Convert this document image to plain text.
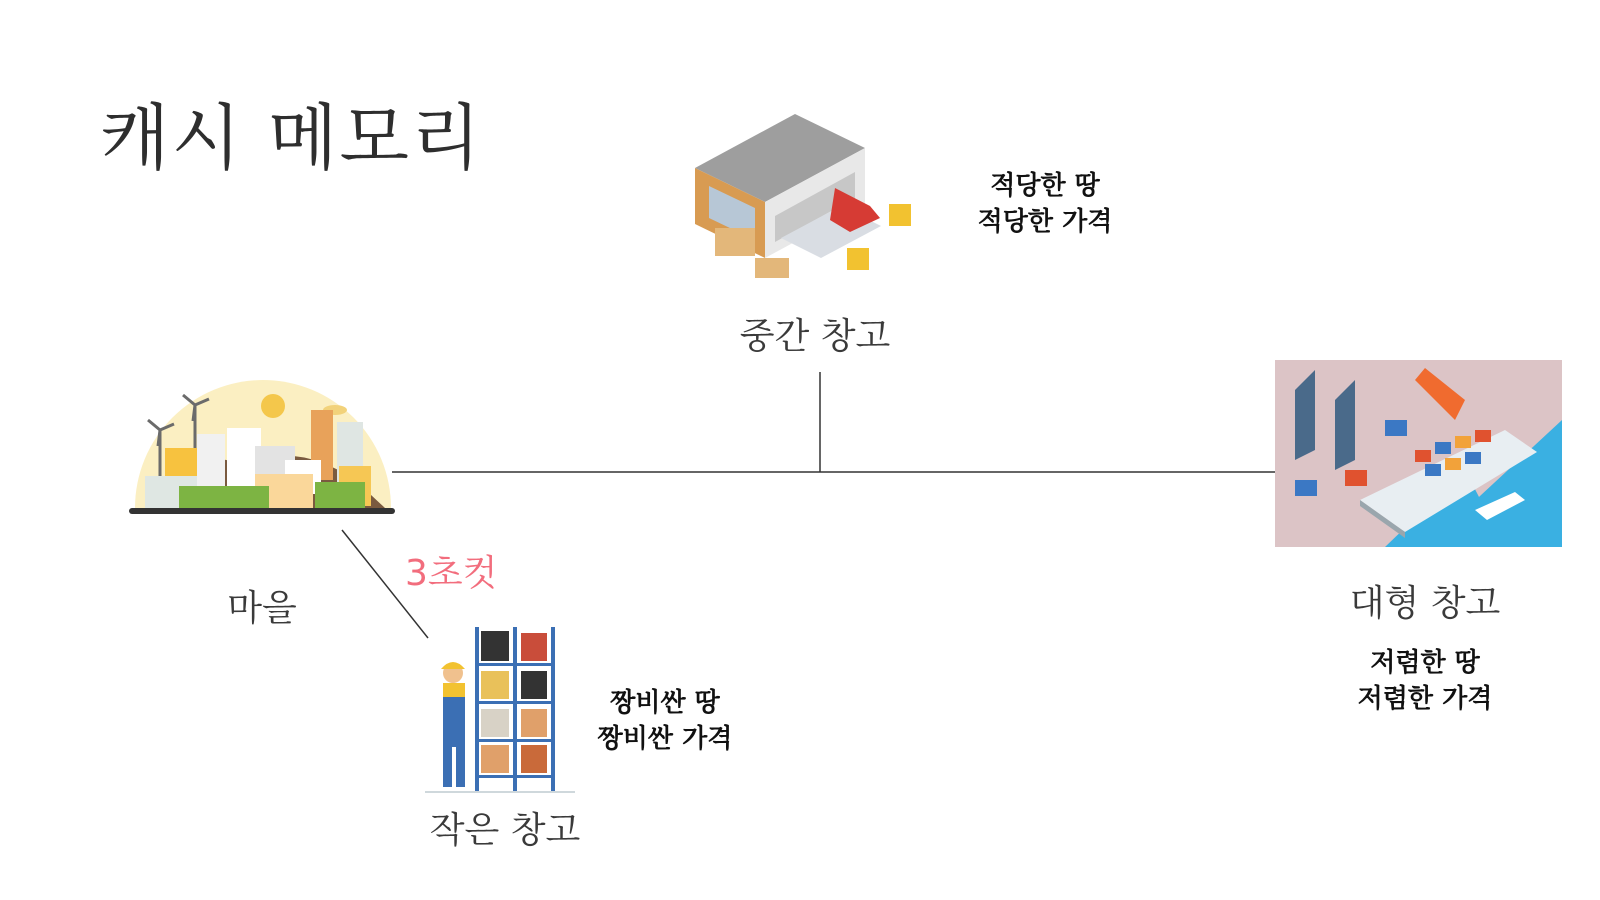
캐시 메모리
마을
3초컷
작은 창고
짱비싼 땅
짱비싼 가격
중간 창고
적당한 땅
적당한 가격
대형 창고
저렴한 땅
저렴한 가격
